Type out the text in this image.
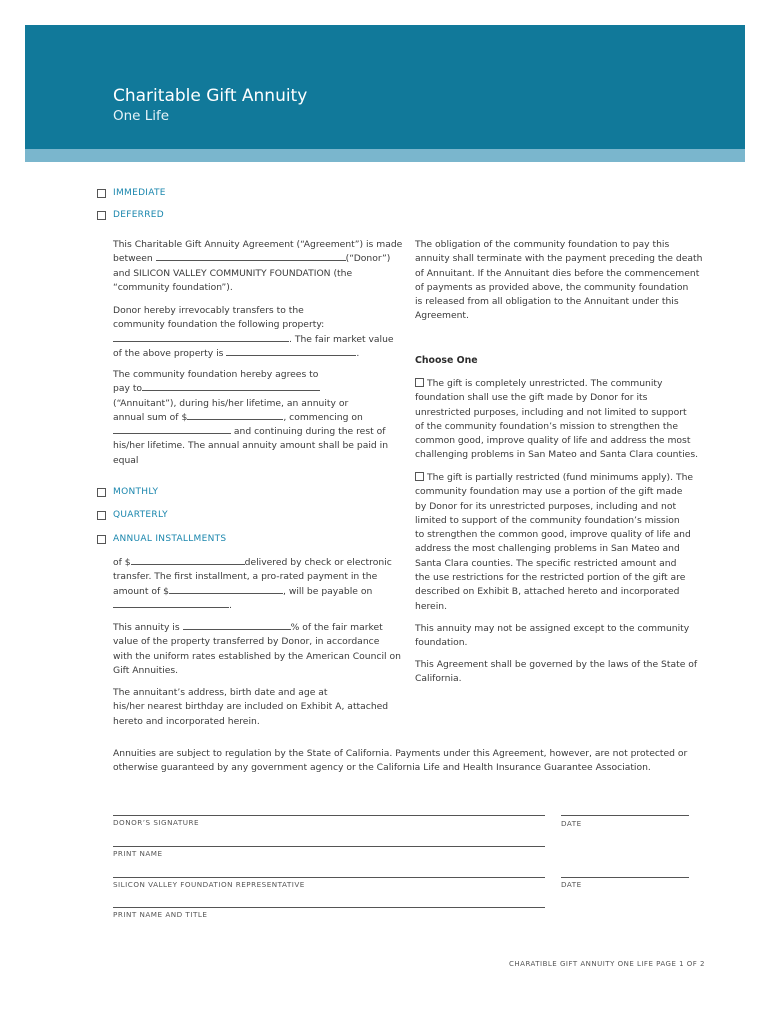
Charitable Gift Annuity
One Life
IMMEDIATE
DEFERRED
This Charitable Gift Annuity Agreement (“Agreement”) is made
between	(“Donor”)
and SILICON VALLEY COMMUNITY FOUNDATION (the
“community foundation”).
Donor hereby irrevocably transfers to the
community foundation the following property:
. The fair market value
of the above property is	.
The community foundation hereby agrees to
pay to
(“Annuitant”), during his/her lifetime, an annuity or
annual sum of $	, commencing on
and continuing during the rest of
his/her lifetime. The annual annuity amount shall be paid in
equal
MONTHLY
QUARTERLY
ANNUAL INSTALLMENTS
of $	delivered by check or electronic
transfer. The first installment, a pro-rated payment in the
amount of $	, will be payable on
.
This annuity is	% of the fair market
value of the property transferred by Donor, in accordance
with the uniform rates established by the American Council on
Gift Annuities.
The annuitant’s address, birth date and age at
his/her nearest birthday are included on Exhibit A, attached
hereto and incorporated herein.
The obligation of the community foundation to pay this
annuity shall terminate with the payment preceding the death
of Annuitant. If the Annuitant dies before the commencement
of payments as provided above, the community foundation
is released from all obligation to the Annuitant under this
Agreement.
Choose One
The gift is completely unrestricted. The community
foundation shall use the gift made by Donor for its
unrestricted purposes, including and not limited to support
of the community foundation’s mission to strengthen the
common good, improve quality of life and address the most
challenging problems in San Mateo and Santa Clara counties.
The gift is partially restricted (fund minimums apply). The
community foundation may use a portion of the gift made
by Donor for its unrestricted purposes, including and not
limited to support of the community foundation’s mission
to strengthen the common good, improve quality of life and
address the most challenging problems in San Mateo and
Santa Clara counties. The specific restricted amount and
the use restrictions for the restricted portion of the gift are
described on Exhibit B, attached hereto and incorporated
herein.
This annuity may not be assigned except to the community
foundation.
This Agreement shall be governed by the laws of the State of
California.
Annuities are subject to regulation by the State of California. Payments under this Agreement, however, are not protected or
otherwise guaranteed by any government agency or the California Life and Health Insurance Guarantee Association.
DONOR’S SIGNATURE	DATE
PRINT NAME
SILICON VALLEY FOUNDATION REPRESENTATIVE	DATE
PRINT NAME AND TITLE
CHARATIBLE GIFT ANNUITY ONE LIFE PAGE 1 OF 2
